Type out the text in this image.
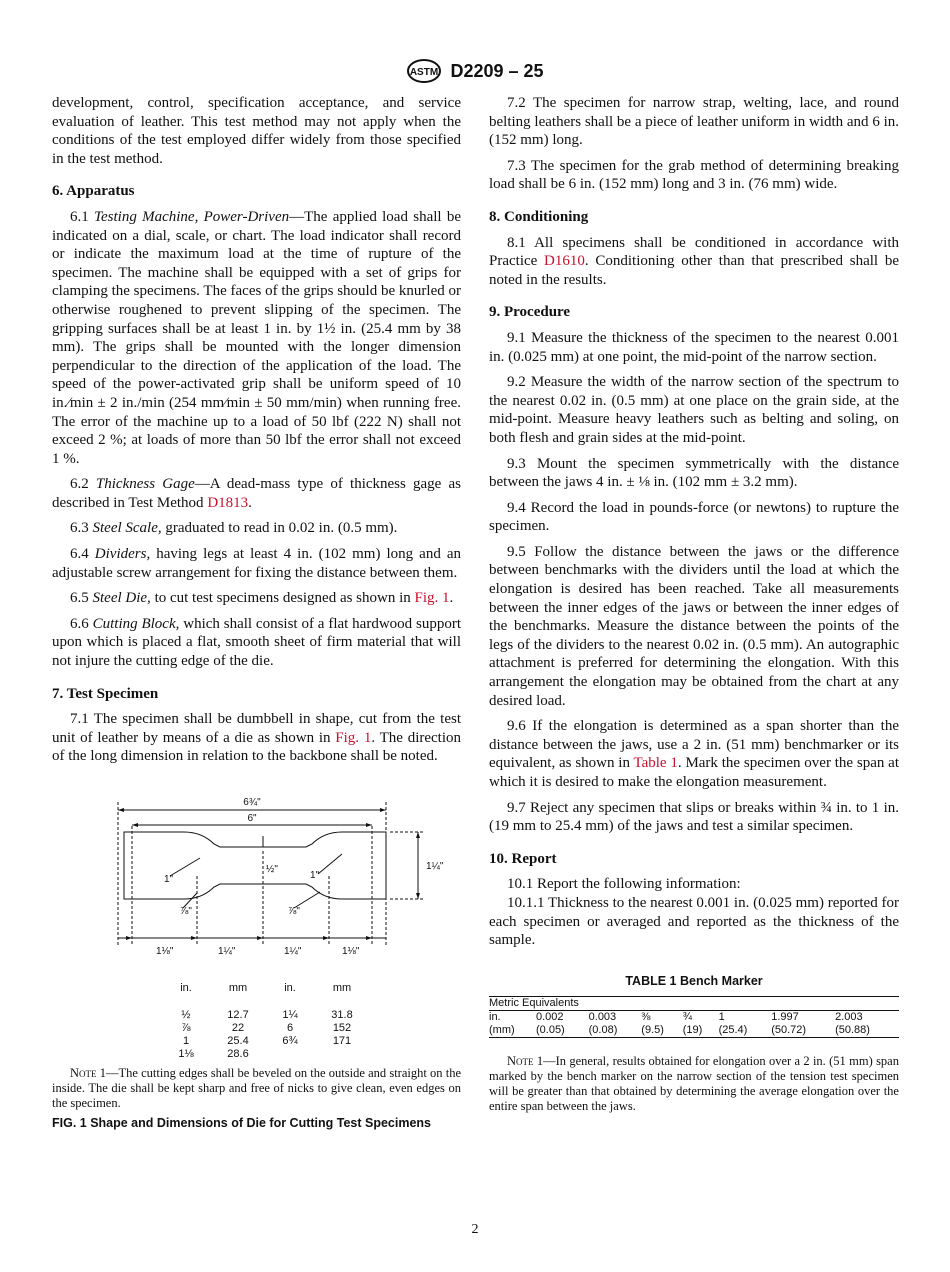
ASTM D2209 – 25

development, control, specification acceptance, and service evaluation of leather. This test method may not apply when the conditions of the test employed differ widely from those specified in the test method.

6. Apparatus

6.1 Testing Machine, Power-Driven—The applied load shall be indicated on a dial, scale, or chart. The load indicator shall record or indicate the maximum load at the time of rupture of the specimen. The machine shall be equipped with a set of grips for clamping the specimens. The faces of the grips should be knurled or otherwise roughened to prevent slipping of the specimen. The gripping surfaces shall be at least 1 in. by 1½ in. (25.4 mm by 38 mm). The grips shall be mounted with the longer dimension perpendicular to the direction of the application of the load. The speed of the power-activated grip shall be uniform speed of 10 in.⁄min ± 2 in./min (254 mm⁄min ± 50 mm/min) when running free. The error of the machine up to a load of 50 lbf (222 N) shall not exceed 2 %; at loads of more than 50 lbf the error shall not exceed 1 %.

6.2 Thickness Gage—A dead-mass type of thickness gage as described in Test Method D1813.

6.3 Steel Scale, graduated to read in 0.02 in. (0.5 mm).

6.4 Dividers, having legs at least 4 in. (102 mm) long and an adjustable screw arrangement for fixing the distance between them.

6.5 Steel Die, to cut test specimens designed as shown in Fig. 1.

6.6 Cutting Block, which shall consist of a flat hardwood support upon which is placed a flat, smooth sheet of firm material that will not injure the cutting edge of the die.

7. Test Specimen

7.1 The specimen shall be dumbbell in shape, cut from the test unit of leather by means of a die as shown in Fig. 1. The direction of the long dimension in relation to the backbone shall be noted.

6¾"
6"
1"	1"
½"	1¼"
⅞"	⅞"
1⅛"	1¼"	1¼"	1⅛"
in.	mm	in.	mm

½	12.7	1¼	31.8
⅞	22	6	152
1	25.4	6¾	171
1⅛	28.6		

Note 1—The cutting edges shall be beveled on the outside and straight on the inside. The die shall be kept sharp and free of nicks to give clean, even edges on the specimen.

FIG. 1 Shape and Dimensions of Die for Cutting Test Specimens

7.2 The specimen for narrow strap, welting, lace, and round belting leathers shall be a piece of leather uniform in width and 6 in. (152 mm) long.

7.3 The specimen for the grab method of determining breaking load shall be 6 in. (152 mm) long and 3 in. (76 mm) wide.

8. Conditioning

8.1 All specimens shall be conditioned in accordance with Practice D1610. Conditioning other than that prescribed shall be noted in the results.

9. Procedure

9.1 Measure the thickness of the specimen to the nearest 0.001 in. (0.025 mm) at one point, the mid-point of the narrow section.

9.2 Measure the width of the narrow section of the spectrum to the nearest 0.02 in. (0.5 mm) at one place on the grain side, at the mid-point. Measure heavy leathers such as belting and soling, on both flesh and grain sides at the mid-point.

9.3 Mount the specimen symmetrically with the distance between the jaws 4 in. ± ⅛ in. (102 mm ± 3.2 mm).

9.4 Record the load in pounds-force (or newtons) to rupture the specimen.

9.5 Follow the distance between the jaws or the difference between benchmarks with the dividers until the load at which the elongation is desired has been reached. Take all measurements between the inner edges of the jaws or between the inner edges of the benchmarks. Measure the distance between the points of the legs of the dividers to the nearest 0.02 in. (0.5 mm). An autographic attachment is preferred for determining the elongation. With this arrangement the elongation may be obtained from the chart at any desired load.

9.6 If the elongation is determined as a span shorter than the distance between the jaws, use a 2 in. (51 mm) benchmarker or its equivalent, as shown in Table 1. Mark the specimen over the span at which it is desired to make the elongation measurement.

9.7 Reject any specimen that slips or breaks within ¾ in. to 1 in. (19 mm to 25.4 mm) of the jaws and test a similar specimen.

10. Report

10.1 Report the following information:

10.1.1 Thickness to the nearest 0.001 in. (0.025 mm) reported for each specimen or averaged and reported as the thickness of the sample.

TABLE 1 Bench Marker
Metric Equivalents							
in.	0.002	0.003	⅜	¾	1	1.997	2.003
(mm)	(0.05)	(0.08)	(9.5)	(19)	(25.4)	(50.72)	(50.88)

Note 1—In general, results obtained for elongation over a 2 in. (51 mm) span marked by the bench marker on the narrow section of the tension test specimen will be greater than that obtained by determining the average elongation over the entire span between the jaws.

2
